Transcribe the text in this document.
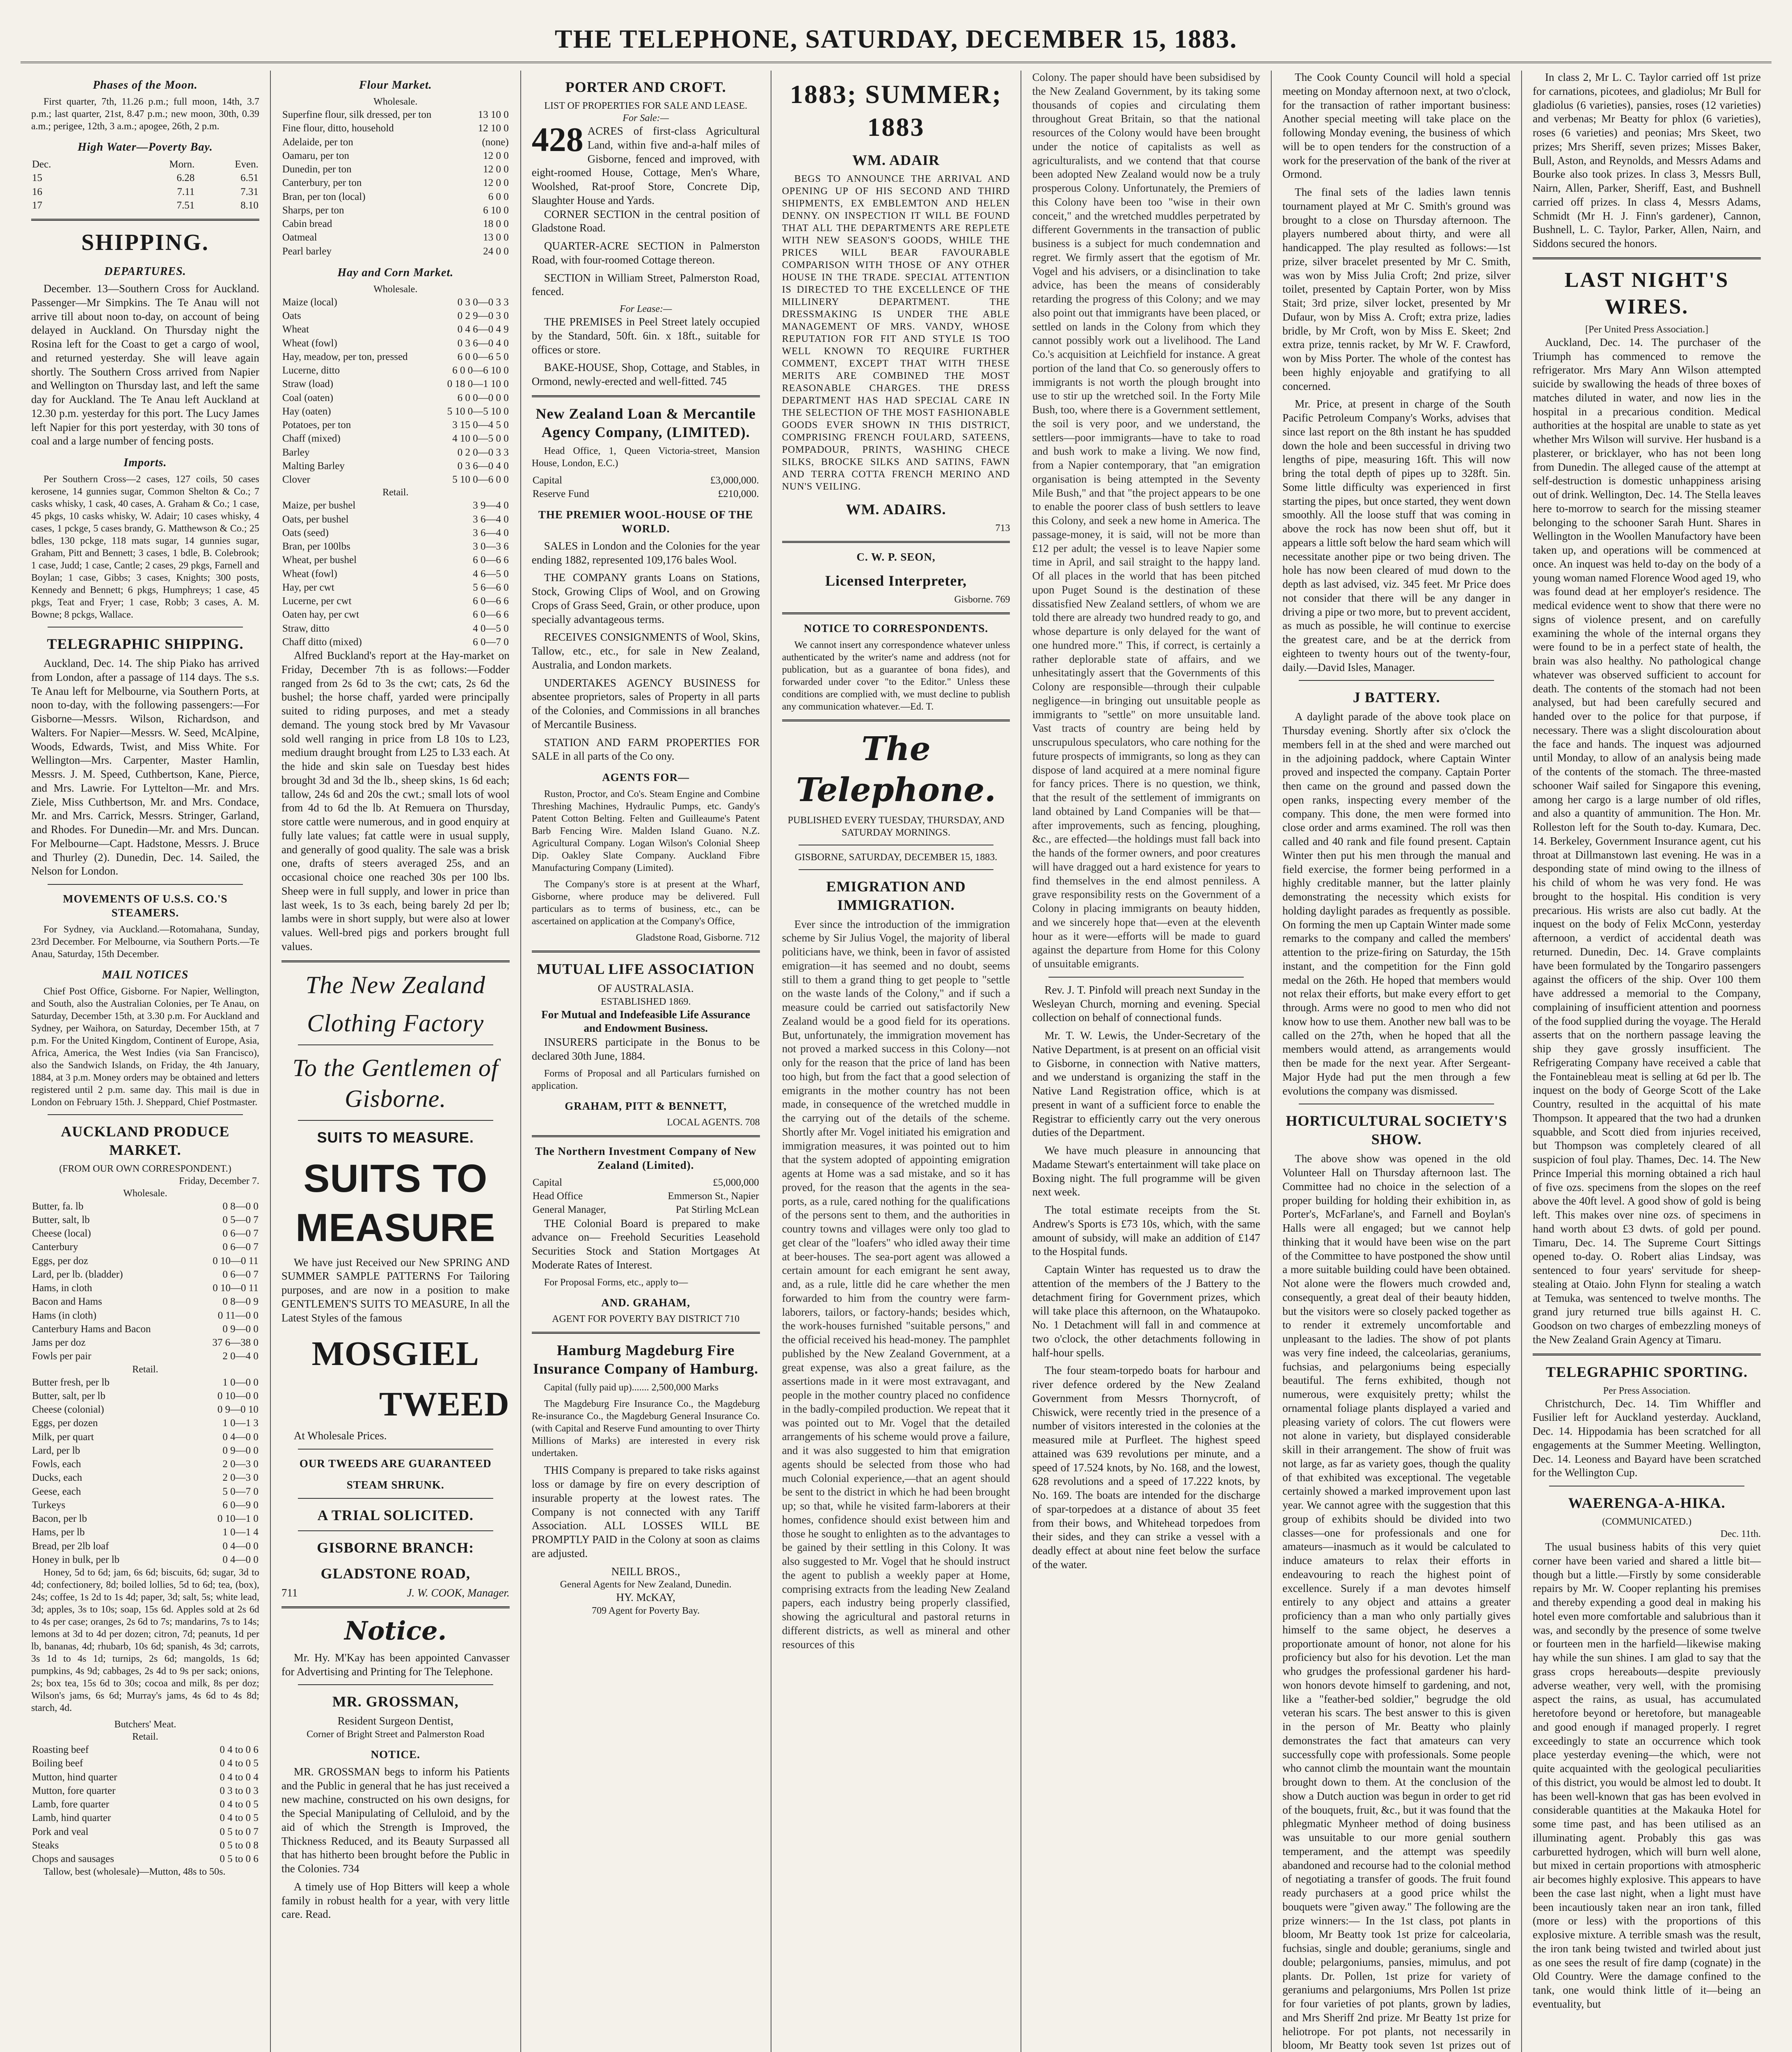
THE TELEPHONE, SATURDAY, DECEMBER 15, 1883.
Phases of the Moon.

First quarter, 7th, 11.26 p.m.; full moon, 14th, 3.7 p.m.; last quarter, 21st, 8.47 p.m.; new moon, 30th, 0.39 a.m.; perigee, 12th, 3 a.m.; apogee, 26th, 2 p.m.

High Water—Poverty Bay.
Dec.	Morn.	Even.
15	6.28	6.51
16	7.11	7.31
17	7.51	8.10
SHIPPING.
DEPARTURES.

December. 13—Southern Cross for Auckland. Passenger—Mr Simpkins. The Te Anau will not arrive till about noon to-day, on account of being delayed in Auckland. On Thursday night the Rosina left for the Coast to get a cargo of wool, and returned yesterday. She will leave again shortly. The Southern Cross arrived from Napier and Wellington on Thursday last, and left the same day for Auckland. The Te Anau left Auckland at 12.30 p.m. yesterday for this port. The Lucy James left Napier for this port yesterday, with 30 tons of coal and a large number of fencing posts.

Imports.

Per Southern Cross—2 cases, 127 coils, 50 cases kerosene, 14 gunnies sugar, Common Shelton & Co.; 7 casks whisky, 1 cask, 40 cases, A. Graham & Co.; 1 case, 45 pkgs, 10 casks whisky, W. Adair; 10 cases whisky, 4 cases, 1 pckge, 5 cases brandy, G. Matthewson & Co.; 25 bdles, 130 pckge, 118 mats sugar, 14 gunnies sugar, Graham, Pitt and Bennett; 3 cases, 1 bdle, B. Colebrook; 1 case, Judd; 1 case, Cantle; 2 cases, 29 pkgs, Farnell and Boylan; 1 case, Gibbs; 3 cases, Knights; 300 posts, Kennedy and Bennett; 6 pkgs, Humphreys; 1 case, 45 pkgs, Teat and Fryer; 1 case, Robb; 3 cases, A. M. Bowne; 8 pckgs, Wallace.

TELEGRAPHIC SHIPPING.

Auckland, Dec. 14. The ship Piako has arrived from London, after a passage of 114 days. The s.s. Te Anau left for Melbourne, via Southern Ports, at noon to-day, with the following passengers:—For Gisborne—Messrs. Wilson, Richardson, and Walters. For Napier—Messrs. W. Seed, McAlpine, Woods, Edwards, Twist, and Miss White. For Wellington—Mrs. Carpenter, Master Hamlin, Messrs. J. M. Speed, Cuthbertson, Kane, Pierce, and Mrs. Lawrie. For Lyttelton—Mr. and Mrs. Ziele, Miss Cuthbertson, Mr. and Mrs. Condace, Mr. and Mrs. Carrick, Messrs. Stringer, Garland, and Rhodes. For Dunedin—Mr. and Mrs. Duncan. For Melbourne—Capt. Hadstone, Messrs. J. Bruce and Thurley (2). Dunedin, Dec. 14. Sailed, the Nelson for London.

MOVEMENTS OF U.S.S. CO.'S STEAMERS.

For Sydney, via Auckland.—Rotomahana, Sunday, 23rd December. For Melbourne, via Southern Ports.—Te Anau, Saturday, 15th December.

MAIL NOTICES

Chief Post Office, Gisborne. For Napier, Wellington, and South, also the Australian Colonies, per Te Anau, on Saturday, December 15th, at 3.30 p.m. For Auckland and Sydney, per Waihora, on Saturday, December 15th, at 7 p.m. For the United Kingdom, Continent of Europe, Asia, Africa, America, the West Indies (via San Francisco), also the Sandwich Islands, on Friday, the 4th January, 1884, at 3 p.m. Money orders may be obtained and letters registered until 2 p.m. same day. This mail is due in London on February 15th. J. Sheppard, Chief Postmaster.

AUCKLAND PRODUCE MARKET.
(FROM OUR OWN CORRESPONDENT.)
Friday, December 7.
Wholesale.
Butter, fa. lb	0 8—0 0
Butter, salt, lb	0 5—0 7
Cheese (local)	0 6—0 7
Canterbury	0 6—0 7
Eggs, per doz	0 10—0 11
Lard, per lb. (bladder)	0 6—0 7
Hams, in cloth	0 10—0 11
Bacon and Hams	0 8—0 9
Hams (in cloth)	0 11—0 0
Canterbury Hams and Bacon	0 9—0 0
Jams per doz	37 6—38 0
Fowls per pair	2 0—4 0
Retail.
Butter fresh, per lb	1 0—0 0
Butter, salt, per lb	0 10—0 0
Cheese (colonial)	0 9—0 10
Eggs, per dozen	1 0—1 3
Milk, per quart	0 4—0 0
Lard, per lb	0 9—0 0
Fowls, each	2 0—3 0
Ducks, each	2 0—3 0
Geese, each	5 0—7 0
Turkeys	6 0—9 0
Bacon, per lb	0 10—1 0
Hams, per lb	1 0—1 4
Bread, per 2lb loaf	0 4—0 0
Honey in bulk, per lb	0 4—0 0

Honey, 5d to 6d; jam, 6s 6d; biscuits, 6d; sugar, 3d to 4d; confectionery, 8d; boiled lollies, 5d to 6d; tea, (box), 24s; coffee, 1s 2d to 1s 4d; paper, 3d; salt, 5s; white lead, 3d; apples, 3s to 10s; soap, 15s 6d. Apples sold at 2s 6d to 4s per case; oranges, 2s 6d to 7s; mandarins, 7s to 14s; lemons at 3d to 4d per dozen; citron, 7d; peanuts, 1d per lb, bananas, 4d; rhubarb, 10s 6d; spanish, 4s 3d; carrots, 3s 1d to 4s 1d; turnips, 2s 6d; mangolds, 1s 6d; pumpkins, 4s 9d; cabbages, 2s 4d to 9s per sack; onions, 2s; box tea, 15s 6d to 30s; cocoa and milk, 8s per doz; Wilson's jams, 6s 6d; Murray's jams, 4s 6d to 4s 8d; starch, 4d.

Butchers' Meat.
Retail.
Roasting beef	0 4 to 0 6
Boiling beef	0 4 to 0 5
Mutton, hind quarter	0 4 to 0 4
Mutton, fore quarter	0 3 to 0 3
Lamb, fore quarter	0 4 to 0 5
Lamb, hind quarter	0 4 to 0 5
Pork and veal	0 5 to 0 7
Steaks	0 5 to 0 8
Chops and sausages	0 5 to 0 6

Tallow, best (wholesale)—Mutton, 48s to 50s.

Flour Market.
Wholesale.
Superfine flour, silk dressed, per ton	13 10 0
Fine flour, ditto, household	12 10 0
Adelaide, per ton	(none)
Oamaru, per ton	12 0 0
Dunedin, per ton	12 0 0
Canterbury, per ton	12 0 0
Bran, per ton (local)	6 0 0
Sharps, per ton	6 10 0
Cabin bread	18 0 0
Oatmeal	13 0 0
Pearl barley	24 0 0
Hay and Corn Market.
Wholesale.
Maize (local)	0 3 0—0 3 3
Oats	0 2 9—0 3 0
Wheat	0 4 6—0 4 9
Wheat (fowl)	0 3 6—0 4 0
Hay, meadow, per ton, pressed	6 0 0—6 5 0
Lucerne, ditto	6 0 0—6 10 0
Straw (load)	0 18 0—1 10 0
Coal (oaten)	6 0 0—0 0 0
Hay (oaten)	5 10 0—5 10 0
Potatoes, per ton	3 15 0—4 5 0
Chaff (mixed)	4 10 0—5 0 0
Barley	0 2 0—0 3 3
Malting Barley	0 3 6—0 4 0
Clover	5 10 0—6 0 0
Retail.
Maize, per bushel	3 9—4 0
Oats, per bushel	3 6—4 0
Oats (seed)	3 6—4 0
Bran, per 100lbs	3 0—3 6
Wheat, per bushel	6 0—6 6
Wheat (fowl)	4 6—5 0
Hay, per cwt	5 6—6 0
Lucerne, per cwt	6 0—6 6
Oaten hay, per cwt	6 0—6 6
Straw, ditto	4 0—5 0
Chaff ditto (mixed)	6 0—7 0

Alfred Buckland's report at the Hay-market on Friday, December 7th is as follows:—Fodder ranged from 2s 6d to 3s the cwt; cats, 2s 6d the bushel; the horse chaff, yarded were principally suited to riding purposes, and met a steady demand. The young stock bred by Mr Vavasour sold well ranging in price from L8 10s to L23, medium draught brought from L25 to L33 each. At the hide and skin sale on Tuesday best hides brought 3d and 3d the lb., sheep skins, 1s 6d each; tallow, 24s 6d and 20s the cwt.; small lots of wool from 4d to 6d the lb. At Remuera on Thursday, store cattle were numerous, and in good enquiry at fully late values; fat cattle were in usual supply, and generally of good quality. The sale was a brisk one, drafts of steers averaged 25s, and an occasional choice one reached 30s per 100 lbs. Sheep were in full supply, and lower in price than last week, 1s to 3s each, being barely 2d per lb; lambs were in short supply, but were also at lower values. Well-bred pigs and porkers brought full values.

The New Zealand
Clothing Factory
To the Gentlemen of Gisborne.
SUITS TO MEASURE.
SUITS TO MEASURE

We have just Received our New SPRING AND SUMMER SAMPLE PATTERNS For Tailoring purposes, and are now in a position to make GENTLEMEN'S SUITS TO MEASURE, In all the Latest Styles of the famous

MOSGIEL
TWEED

At Wholesale Prices.

OUR TWEEDS ARE GUARANTEED
STEAM SHRUNK.
A TRIAL SOLICITED.
GISBORNE BRANCH:
GLADSTONE ROAD,
711	J. W. COOK, Manager.
Notice.

Mr. Hy. M'Kay has been appointed Canvasser for Advertising and Printing for The Telephone.

MR. GROSSMAN,
Resident Surgeon Dentist,
Corner of Bright Street and Palmerston Road
NOTICE.

MR. GROSSMAN begs to inform his Patients and the Public in general that he has just received a new machine, constructed on his own designs, for the Special Manipulating of Celluloid, and by the aid of which the Strength is Improved, the Thickness Reduced, and its Beauty Surpassed all that has hitherto been brought before the Public in the Colonies. 734

A timely use of Hop Bitters will keep a whole family in robust health for a year, with very little care. Read.

PORTER AND CROFT.
LIST OF PROPERTIES FOR SALE AND LEASE.
For Sale:—
428 ACRES of first-class Agricultural Land, within five and-a-half miles of Gisborne, fenced and improved, with eight-roomed House, Cottage, Men's Whare, Woolshed, Rat-proof Store, Concrete Dip, Slaughter House and Yards.

CORNER SECTION in the central position of Gladstone Road.

QUARTER-ACRE SECTION in Palmerston Road, with four-roomed Cottage thereon.

SECTION in William Street, Palmerston Road, fenced.

For Lease:—

THE PREMISES in Peel Street lately occupied by the Standard, 50ft. 6in. x 18ft., suitable for offices or store.

BAKE-HOUSE, Shop, Cottage, and Stables, in Ormond, newly-erected and well-fitted. 745

New Zealand Loan & Mercantile Agency Company, (LIMITED).

Head Office, 1, Queen Victoria-street, Mansion House, London, E.C.)

Capital	£3,000,000.
Reserve Fund	£210,000.
THE PREMIER WOOL-HOUSE OF THE WORLD.

SALES in London and the Colonies for the year ending 1882, represented 109,176 bales Wool.

THE COMPANY grants Loans on Stations, Stock, Growing Clips of Wool, and on Growing Crops of Grass Seed, Grain, or other produce, upon specially advantageous terms.

RECEIVES CONSIGNMENTS of Wool, Skins, Tallow, etc., etc., for sale in New Zealand, Australia, and London markets.

UNDERTAKES AGENCY BUSINESS for absentee proprietors, sales of Property in all parts of the Colonies, and Commissions in all branches of Mercantile Business.

STATION AND FARM PROPERTIES FOR SALE in all parts of the Co ony.

AGENTS FOR—

Ruston, Proctor, and Co's. Steam Engine and Combine Threshing Machines, Hydraulic Pumps, etc. Gandy's Patent Cotton Belting. Felten and Guilleaume's Patent Barb Fencing Wire. Malden Island Guano. N.Z. Agricultural Company. Logan Wilson's Colonial Sheep Dip. Oakley Slate Company. Auckland Fibre Manufacturing Company (Limited).

The Company's store is at present at the Wharf, Gisborne, where produce may be delivered. Full particulars as to terms of business, etc., can be ascertained on application at the Company's Office,

Gladstone Road, Gisborne. 712
MUTUAL LIFE ASSOCIATION
OF AUSTRALASIA.
ESTABLISHED 1869.
For Mutual and Indefeasible Life Assurance and Endowment Business.

INSURERS participate in the Bonus to be declared 30th June, 1884.

Forms of Proposal and all Particulars furnished on application.

GRAHAM, PITT & BENNETT,
LOCAL AGENTS. 708
The Northern Investment Company of New Zealand (Limited).
Capital	£5,000,000
Head Office	Emmerson St., Napier
General Manager,	Pat Stirling McLean

THE Colonial Board is prepared to make advance on— Freehold Securities Leasehold Securities Stock and Station Mortgages At Moderate Rates of Interest.

For Proposal Forms, etc., apply to—

AND. GRAHAM,
AGENT FOR POVERTY BAY DISTRICT 710
Hamburg Magdeburg Fire Insurance Company of Hamburg.

Capital (fully paid up)....... 2,500,000 Marks

The Magdeburg Fire Insurance Co., the Magdeburg Re-insurance Co., the Magdeburg General Insurance Co. (with Capital and Reserve Fund amounting to over Thirty Millions of Marks) are interested in every risk undertaken.

THIS Company is prepared to take risks against loss or damage by fire on every description of insurable property at the lowest rates. The Company is not connected with any Tariff Association. ALL LOSSES WILL BE PROMPTLY PAID in the Colony at soon as claims are adjusted.

NEILL BROS.,
General Agents for New Zealand, Dunedin.
HY. McKAY,
709 Agent for Poverty Bay.
1883; SUMMER; 1883
WM. ADAIR

BEGS TO ANNOUNCE THE ARRIVAL AND OPENING UP OF HIS SECOND AND THIRD SHIPMENTS, EX EMBLEMTON AND HELEN DENNY. ON INSPECTION IT WILL BE FOUND THAT ALL THE DEPARTMENTS ARE REPLETE WITH NEW SEASON'S GOODS, WHILE THE PRICES WILL BEAR FAVOURABLE COMPARISON WITH THOSE OF ANY OTHER HOUSE IN THE TRADE. SPECIAL ATTENTION IS DIRECTED TO THE EXCELLENCE OF THE MILLINERY DEPARTMENT. THE DRESSMAKING IS UNDER THE ABLE MANAGEMENT OF MRS. VANDY, WHOSE REPUTATION FOR FIT AND STYLE IS TOO WELL KNOWN TO REQUIRE FURTHER COMMENT, EXCEPT THAT WITH THESE MERITS ARE COMBINED THE MOST REASONABLE CHARGES. THE DRESS DEPARTMENT HAS HAD SPECIAL CARE IN THE SELECTION OF THE MOST FASHIONABLE GOODS EVER SHOWN IN THIS DISTRICT, COMPRISING FRENCH FOULARD, SATEENS, POMPADOUR, PRINTS, WASHING CHECE SILKS, BROCKE SILKS AND SATINS, FAWN AND TERRA COTTA FRENCH MERINO AND NUN'S VEILING.

WM. ADAIRS.
713
C. W. P. SEON,
Licensed Interpreter,
Gisborne. 769
NOTICE TO CORRESPONDENTS.

We cannot insert any correspondence whatever unless authenticated by the writer's name and address (not for publication, but as a guarantee of bona fides), and forwarded under cover "to the Editor." Unless these conditions are complied with, we must decline to publish any communication whatever.—Ed. T.

The Telephone.
PUBLISHED EVERY TUESDAY, THURSDAY, AND SATURDAY MORNINGS.
GISBORNE, SATURDAY, DECEMBER 15, 1883.
EMIGRATION AND IMMIGRATION.

Ever since the introduction of the immigration scheme by Sir Julius Vogel, the majority of liberal politicians have, we think, been in favor of assisted emigration—it has seemed and no doubt, seems still to them a grand thing to get people to "settle on the waste lands of the Colony," and if such a measure could be carried out satisfactorily New Zealand would be a good field for its operations. But, unfortunately, the immigration movement has not proved a marked success in this Colony—not only for the reason that the price of land has been too high, but from the fact that a good selection of emigrants in the mother country has not been made, in consequence of the wretched muddle in the carrying out of the details of the scheme. Shortly after Mr. Vogel initiated his emigration and immigration measures, it was pointed out to him that the system adopted of appointing emigration agents at Home was a sad mistake, and so it has proved, for the reason that the agents in the sea-ports, as a rule, cared nothing for the qualifications of the persons sent to them, and the authorities in country towns and villages were only too glad to get clear of the "loafers" who idled away their time at beer-houses. The sea-port agent was allowed a certain amount for each emigrant he sent away, and, as a rule, little did he care whether the men forwarded to him from the country were farm-laborers, tailors, or factory-hands; besides which, the work-houses furnished "suitable persons," and the official received his head-money. The pamphlet published by the New Zealand Government, at a great expense, was also a great failure, as the assertions made in it were most extravagant, and people in the mother country placed no confidence in the badly-compiled production. We repeat that it was pointed out to Mr. Vogel that the detailed arrangements of his scheme would prove a failure, and it was also suggested to him that emigration agents should be selected from those who had much Colonial experience,—that an agent should be sent to the district in which he had been brought up; so that, while he visited farm-laborers at their homes, confidence should exist between him and those he sought to enlighten as to the advantages to be gained by their settling in this Colony. It was also suggested to Mr. Vogel that he should instruct the agent to publish a weekly paper at Home, comprising extracts from the leading New Zealand papers, each industry being properly classified, showing the agricultural and pastoral returns in different districts, as well as mineral and other resources of this

Colony. The paper should have been subsidised by the New Zealand Government, by its taking some thousands of copies and circulating them throughout Great Britain, so that the national resources of the Colony would have been brought under the notice of capitalists as well as agriculturalists, and we contend that that course been adopted New Zealand would now be a truly prosperous Colony. Unfortunately, the Premiers of this Colony have been too "wise in their own conceit," and the wretched muddles perpetrated by different Governments in the transaction of public business is a subject for much condemnation and regret. We firmly assert that the egotism of Mr. Vogel and his advisers, or a disinclination to take advice, has been the means of considerably retarding the progress of this Colony; and we may also point out that immigrants have been placed, or settled on lands in the Colony from which they cannot possibly work out a livelihood. The Land Co.'s acquisition at Leichfield for instance. A great portion of the land that Co. so generously offers to immigrants is not worth the plough brought into use to stir up the wretched soil. In the Forty Mile Bush, too, where there is a Government settlement, the soil is very poor, and we understand, the settlers—poor immigrants—have to take to road and bush work to make a living. We now find, from a Napier contemporary, that "an emigration organisation is being attempted in the Seventy Mile Bush," and that "the project appears to be one to enable the poorer class of bush settlers to leave this Colony, and seek a new home in America. The passage-money, it is said, will not be more than £12 per adult; the vessel is to leave Napier some time in April, and sail straight to the happy land. Of all places in the world that has been pitched upon Puget Sound is the destination of these dissatisfied New Zealand settlers, of whom we are told there are already two hundred ready to go, and whose departure is only delayed for the want of one hundred more." This, if correct, is certainly a rather deplorable state of affairs, and we unhesitatingly assert that the Governments of this Colony are responsible—through their culpable negligence—in bringing out unsuitable people as immigrants to "settle" on more unsuitable land. Vast tracts of country are being held by unscrupulous speculators, who care nothing for the future prospects of immigrants, so long as they can dispose of land acquired at a mere nominal figure for fancy prices. There is no question, we think, that the result of the settlement of immigrants on land obtained by Land Companies will be that—after improvements, such as fencing, ploughing, &c., are effected—the holdings must fall back into the hands of the former owners, and poor creatures will have dragged out a hard existence for years to find themselves in the end almost penniless. A grave responsibility rests on the Government of a Colony in placing immigrants on beauty hidden, and we sincerely hope that—even at the eleventh hour as it were—efforts will be made to guard against the departure from Home for this Colony of unsuitable emigrants.

Rev. J. T. Pinfold will preach next Sunday in the Wesleyan Church, morning and evening. Special collection on behalf of connectional funds.

Mr. T. W. Lewis, the Under-Secretary of the Native Department, is at present on an official visit to Gisborne, in connection with Native matters, and we understand is organizing the staff in the Native Land Registration office, which is at present in want of a sufficient force to enable the Registrar to efficiently carry out the very onerous duties of the Department.

We have much pleasure in announcing that Madame Stewart's entertainment will take place on Boxing night. The full programme will be given next week.

The total estimate receipts from the St. Andrew's Sports is £73 10s, which, with the same amount of subsidy, will make an addition of £147 to the Hospital funds.

Captain Winter has requested us to draw the attention of the members of the J Battery to the detachment firing for Government prizes, which will take place this afternoon, on the Whataupoko. No. 1 Detachment will fall in and commence at two o'clock, the other detachments following in half-hour spells.

The four steam-torpedo boats for harbour and river defence ordered by the New Zealand Government from Messrs Thornycroft, of Chiswick, were recently tried in the presence of a number of visitors interested in the colonies at the measured mile at Purfleet. The highest speed attained was 639 revolutions per minute, and a speed of 17.524 knots, by No. 168, and the lowest, 628 revolutions and a speed of 17.222 knots, by No. 169. The boats are intended for the discharge of spar-torpedoes at a distance of about 35 feet from their bows, and Whitehead torpedoes from their sides, and they can strike a vessel with a deadly effect at about nine feet below the surface of the water.

The Cook County Council will hold a special meeting on Monday afternoon next, at two o'clock, for the transaction of rather important business: Another special meeting will take place on the following Monday evening, the business of which will be to open tenders for the construction of a work for the preservation of the bank of the river at Ormond.

The final sets of the ladies lawn tennis tournament played at Mr C. Smith's ground was brought to a close on Thursday afternoon. The players numbered about thirty, and were all handicapped. The play resulted as follows:—1st prize, silver bracelet presented by Mr C. Smith, was won by Miss Julia Croft; 2nd prize, silver toilet, presented by Captain Porter, won by Miss Stait; 3rd prize, silver locket, presented by Mr Dufaur, won by Miss A. Croft; extra prize, ladies bridle, by Mr Croft, won by Miss E. Skeet; 2nd extra prize, tennis racket, by Mr W. F. Crawford, won by Miss Porter. The whole of the contest has been highly enjoyable and gratifying to all concerned.

Mr. Price, at present in charge of the South Pacific Petroleum Company's Works, advises that since last report on the 8th instant he has spudded down the hole and been successful in driving two lengths of pipe, measuring 16ft. This will now bring the total depth of pipes up to 328ft. 5in. Some little difficulty was experienced in first starting the pipes, but once started, they went down smoothly. All the loose stuff that was coming in above the rock has now been shut off, but it appears a little soft below the hard seam which will necessitate another pipe or two being driven. The hole has now been cleared of mud down to the depth as last advised, viz. 345 feet. Mr Price does not consider that there will be any danger in driving a pipe or two more, but to prevent accident, as much as possible, he will continue to exercise the greatest care, and be at the derrick from eighteen to twenty hours out of the twenty-four, daily.—David Isles, Manager.

J BATTERY.

A daylight parade of the above took place on Thursday evening. Shortly after six o'clock the members fell in at the shed and were marched out in the adjoining paddock, where Captain Winter proved and inspected the company. Captain Porter then came on the ground and passed down the open ranks, inspecting every member of the company. This done, the men were formed into close order and arms examined. The roll was then called and 40 rank and file found present. Captain Winter then put his men through the manual and field exercise, the former being performed in a highly creditable manner, but the latter plainly demonstrating the necessity which exists for holding daylight parades as frequently as possible. On forming the men up Captain Winter made some remarks to the company and called the members' attention to the prize-firing on Saturday, the 15th instant, and the competition for the Finn gold medal on the 26th. He hoped that members would not relax their efforts, but make every effort to get through. Arms were no good to men who did not know how to use them. Another new ball was to be called on the 27th, when he hoped that all the members would attend, as arrangements would then be made for the next year. After Sergeant-Major Hyde had put the men through a few evolutions the company was dismissed.

HORTICULTURAL SOCIETY'S SHOW.

The above show was opened in the old Volunteer Hall on Thursday afternoon last. The Committee had no choice in the selection of a proper building for holding their exhibition in, as Porter's, McFarlane's, and Farnell and Boylan's Halls were all engaged; but we cannot help thinking that it would have been wise on the part of the Committee to have postponed the show until a more suitable building could have been obtained. Not alone were the flowers much crowded and, consequently, a great deal of their beauty hidden, but the visitors were so closely packed together as to render it extremely uncomfortable and unpleasant to the ladies. The show of pot plants was very fine indeed, the calceolarias, geraniums, fuchsias, and pelargoniums being especially beautiful. The ferns exhibited, though not numerous, were exquisitely pretty; whilst the ornamental foliage plants displayed a varied and pleasing variety of colors. The cut flowers were not alone in variety, but displayed considerable skill in their arrangement. The show of fruit was not large, as far as variety goes, though the quality of that exhibited was exceptional. The vegetable certainly showed a marked improvement upon last year. We cannot agree with the suggestion that this group of exhibits should be divided into two classes—one for professionals and one for amateurs—inasmuch as it would be calculated to induce amateurs to relax their efforts in endeavouring to reach the highest point of excellence. Surely if a man devotes himself entirely to any object and attains a greater proficiency than a man who only partially gives himself to the same object, he deserves a proportionate amount of honor, not alone for his proficiency but also for his devotion. Let the man who grudges the professional gardener his hard-won honors devote himself to gardening, and not, like a "feather-bed soldier," begrudge the old veteran his scars. The best answer to this is given in the person of Mr. Beatty who plainly demonstrates the fact that amateurs can very successfully cope with professionals. Some people who cannot climb the mountain want the mountain brought down to them. At the conclusion of the show a Dutch auction was begun in order to get rid of the bouquets, fruit, &c., but it was found that the phlegmatic Mynheer method of doing business was unsuitable to our more genial southern temperament, and the attempt was speedily abandoned and recourse had to the colonial method of negotiating a transfer of goods. The fruit found ready purchasers at a good price whilst the bouquets were "given away." The following are the prize winners:— In the 1st class, pot plants in bloom, Mr Beatty took 1st prize for calceolaria, fuchsias, single and double; geraniums, single and double; pelargoniums, pansies, mimulus, and pot plants. Dr. Pollen, 1st prize for variety of geraniums and pelargoniums, Mrs Pollen 1st prize for four varieties of pot plants, grown by ladies, and Mrs Sheriff 2nd prize. Mr Beatty 1st prize for heliotrope. For pot plants, not necessarily in bloom, Mr Beatty took seven 1st prizes out of

In class 2, Mr L. C. Taylor carried off 1st prize for carnations, picotees, and gladiolus; Mr Bull for gladiolus (6 varieties), pansies, roses (12 varieties) and verbenas; Mr Beatty for phlox (6 varieties), roses (6 varieties) and peonias; Mrs Skeet, two prizes; Mrs Sheriff, seven prizes; Misses Baker, Bull, Aston, and Reynolds, and Messrs Adams and Bourke also took prizes. In class 3, Messrs Bull, Nairn, Allen, Parker, Sheriff, East, and Bushnell carried off prizes. In class 4, Messrs Adams, Schmidt (Mr H. J. Finn's gardener), Cannon, Bushnell, L. C. Taylor, Parker, Allen, Nairn, and Siddons secured the honors.

LAST NIGHT'S WIRES.
[Per United Press Association.]

Auckland, Dec. 14. The purchaser of the Triumph has commenced to remove the refrigerator. Mrs Mary Ann Wilson attempted suicide by swallowing the heads of three boxes of matches diluted in water, and now lies in the hospital in a precarious condition. Medical authorities at the hospital are unable to state as yet whether Mrs Wilson will survive. Her husband is a plasterer, or bricklayer, who has not been long from Dunedin. The alleged cause of the attempt at self-destruction is domestic unhappiness arising out of drink. Wellington, Dec. 14. The Stella leaves here to-morrow to search for the missing steamer belonging to the schooner Sarah Hunt. Shares in Wellington in the Woollen Manufactory have been taken up, and operations will be commenced at once. An inquest was held to-day on the body of a young woman named Florence Wood aged 19, who was found dead at her employer's residence. The medical evidence went to show that there were no signs of violence present, and on carefully examining the whole of the internal organs they were found to be in a perfect state of health, the brain was also healthy. No pathological change whatever was observed sufficient to account for death. The contents of the stomach had not been analysed, but had been carefully secured and handed over to the police for that purpose, if necessary. There was a slight discolouration about the face and hands. The inquest was adjourned until Monday, to allow of an analysis being made of the contents of the stomach. The three-masted schooner Waif sailed for Singapore this evening, among her cargo is a large number of old rifles, and also a quantity of ammunition. The Hon. Mr. Rolleston left for the South to-day. Kumara, Dec. 14. Berkeley, Government Insurance agent, cut his throat at Dillmanstown last evening. He was in a desponding state of mind owing to the illness of his child of whom he was very fond. He was brought to the hospital. His condition is very precarious. His wrists are also cut badly. At the inquest on the body of Felix McConn, yesterday afternoon, a verdict of accidental death was returned. Dunedin, Dec. 14. Grave complaints have been formulated by the Tongariro passengers against the officers of the ship. Over 100 them have addressed a memorial to the Company, complaining of insufficient attention and poorness of the food supplied during the voyage. The Herald asserts that on the northern passage leaving the ship they gave grossly insufficient. The Refrigerating Company have received a cable that the Fontainebleau meat is selling at 6d per lb. The inquest on the body of George Scott of the Lake Country, resulted in the acquittal of his mate Thompson. It appeared that the two had a drunken squabble, and Scott died from injuries received, but Thompson was completely cleared of all suspicion of foul play. Thames, Dec. 14. The New Prince Imperial this morning obtained a rich haul of five ozs. specimens from the slopes on the reef above the 40ft level. A good show of gold is being left. This makes over nine ozs. of specimens in hand worth about £3 dwts. of gold per pound. Timaru, Dec. 14. The Supreme Court Sittings opened to-day. O. Robert alias Lindsay, was sentenced to four years' servitude for sheep-stealing at Otaio. John Flynn for stealing a watch at Temuka, was sentenced to twelve months. The grand jury returned true bills against H. C. Goodson on two charges of embezzling moneys of the New Zealand Grain Agency at Timaru.

TELEGRAPHIC SPORTING.
Per Press Association.

Christchurch, Dec. 14. Tim Whiffler and Fusilier left for Auckland yesterday. Auckland, Dec. 14. Hippodamia has been scratched for all engagements at the Summer Meeting. Wellington, Dec. 14. Leoness and Bayard have been scratched for the Wellington Cup.

WAERENGA-A-HIKA.
(COMMUNICATED.)
Dec. 11th.

The usual business habits of this very quiet corner have been varied and shared a little bit—though but a little.—Firstly by some considerable repairs by Mr. W. Cooper replanting his premises and thereby expending a good deal in making his hotel even more comfortable and salubrious than it was, and secondly by the presence of some twelve or fourteen men in the harfield—likewise making hay while the sun shines. I am glad to say that the grass crops hereabouts—despite previously adverse weather, very well, with the promising aspect the rains, as usual, has accumulated heretofore beyond or heretofore, but manageable and good enough if managed properly. I regret exceedingly to state an occurrence which took place yesterday evening—the which, were not quite acquainted with the geological peculiarities of this district, you would be almost led to doubt. It has been well-known that gas has been evolved in considerable quantities at the Makauka Hotel for some time past, and has been utilised as an illuminating agent. Probably this gas was carburetted hydrogen, which will burn well alone, but mixed in certain proportions with atmospheric air becomes highly explosive. This appears to have been the case last night, when a light must have been incautiously taken near an iron tank, filled (more or less) with the proportions of this explosive mixture. A terrible smash was the result, the iron tank being twisted and twirled about just as one sees the result of fire damp (cognate) in the Old Country. Were the damage confined to the tank, one would think little of it—being an eventuality, but
